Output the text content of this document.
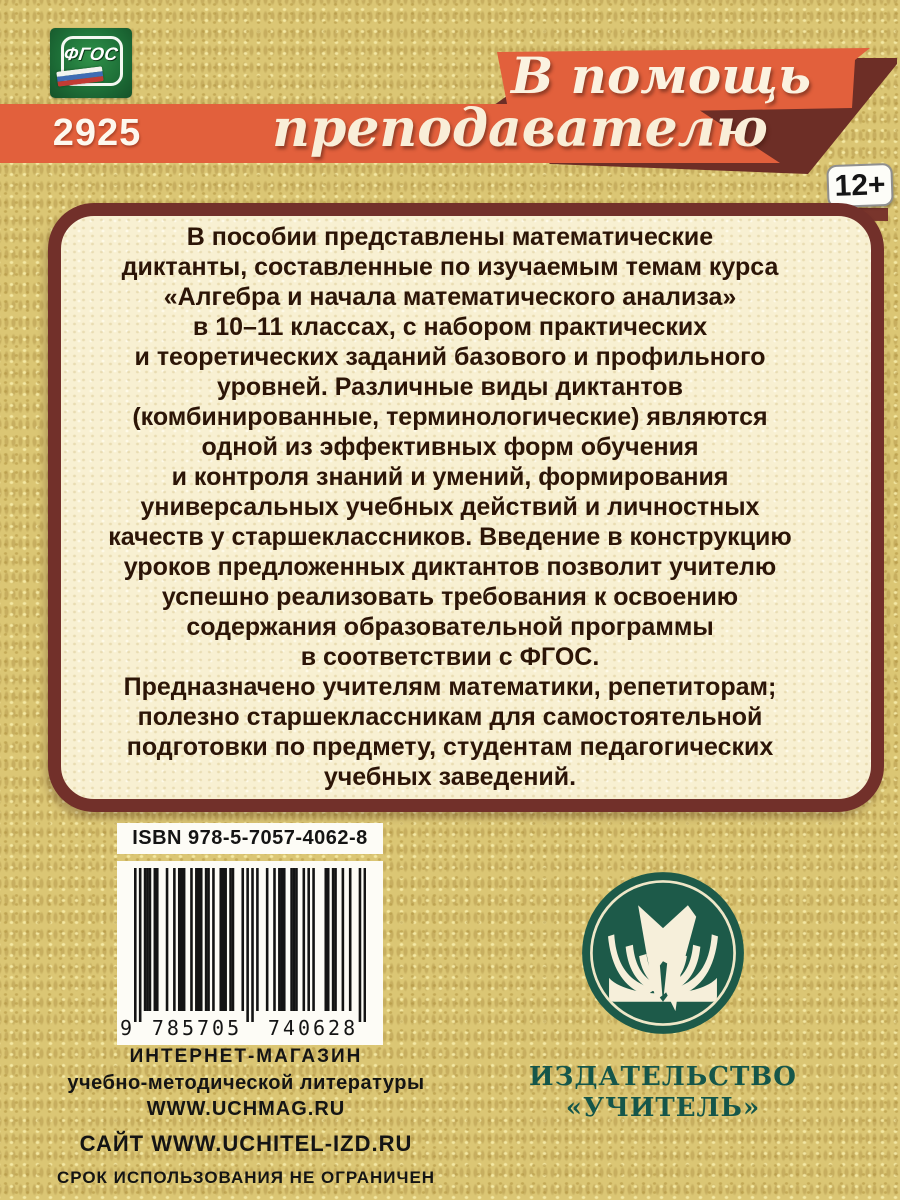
ФГОС
2925
В помощь
преподавателю
12+
В пособии представлены математические
диктанты, составленные по изучаемым темам курса
«Алгебра и начала математического анализа»
в 10–11 классах, с набором практических
и теоретических заданий базового и профильного
уровней. Различные виды диктантов
(комбинированные, терминологические) являются
одной из эффективных форм обучения
и контроля знаний и умений, формирования
универсальных учебных действий и личностных
качеств у старшеклассников. Введение в конструкцию
уроков предложенных диктантов позволит учителю
успешно реализовать требования к освоению
содержания образовательной программы
в соответствии с ФГОС.
Предназначено учителям математики, репетиторам;
полезно старшеклассникам для самостоятельной
подготовки по предмету, студентам педагогических
учебных заведений.
ISBN 978-5-7057-4062-8
9 785705	740628
ИЗДАТЕЛЬСТВО
«УЧИТЕЛЬ»
ИНТЕРНЕТ-МАГАЗИН
учебно-методической литературы
WWW.UCHMAG.RU
САЙТ WWW.UCHITEL-IZD.RU
СРОК ИСПОЛЬЗОВАНИЯ НЕ ОГРАНИЧЕН
